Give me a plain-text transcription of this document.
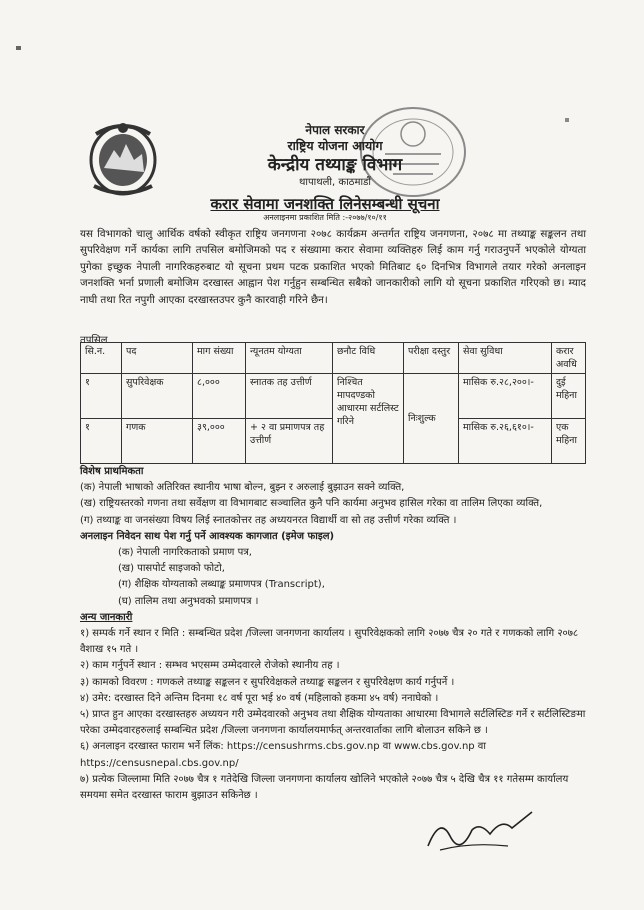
नेपाल सरकार
राष्ट्रिय योजना आयोग
केन्द्रीय तथ्याङ्क विभाग
थापाथली, काठमाडौं
करार सेवामा जनशक्ति लिनेसम्बन्धी सूचना
अनलाइनमा प्रकाशित मिति :-२०७७/१०/११
यस विभागको चालु आर्थिक वर्षको स्वीकृत राष्ट्रिय जनगणना २०७८ कार्यक्रम अन्तर्गत राष्ट्रिय जनगणना, २०७८ मा तथ्याङ्क सङ्कलन तथा सुपरिवेक्षण गर्ने कार्यका लागि तपसिल बमोजिमको पद र संख्यामा करार सेवामा व्यक्तिहरु लिई काम गर्नु गराउनुपर्ने भएकोले योग्यता पुगेका इच्छुक नेपाली नागरिकहरुबाट यो सूचना प्रथम पटक प्रकाशित भएको मितिबाट ६० दिनभित्र विभागले तयार गरेको अनलाइन जनशक्ति भर्ना प्रणाली बमोजिम दरखास्त आह्वान पेश गर्नुहुन सम्बन्धित सबैको जानकारीको लागि यो सूचना प्रकाशित गरिएको छ। म्याद नाघी तथा रित नपुगी आएका दरखास्तउपर कुनै कारवाही गरिने छैन।
तपसिल
सि.न.	पद	माग संख्या	न्यूनतम योग्यता	छनौट विधि	परीक्षा दस्तुर	सेवा सुविधा	करार अवधि
१	सुपरिवेक्षक	८,०००	स्नातक तह उत्तीर्ण	निश्चित मापदण्डको आधारमा सर्टलिस्ट गरिने	निःशुल्क	मासिक रु.२८,२००।-	दुई महिना
१	गणक	३९,०००	+ २ वा प्रमाणपत्र तह उत्तीर्ण			मासिक रु.२६,६१०।-	एक महिना
विशेष प्राथमिकता
(क) नेपाली भाषाको अतिरिक्त स्थानीय भाषा बोल्न, बुझ्न र अरुलाई बुझाउन सक्ने व्यक्ति,
(ख) राष्ट्रियस्तरको गणना तथा सर्वेक्षण वा विभागबाट सञ्चालित कुनै पनि कार्यमा अनुभव हासिल गरेका वा तालिम लिएका व्यक्ति,
(ग) तथ्याङ्क वा जनसंख्या विषय लिई स्नातकोत्तर तह अध्ययनरत विद्यार्थी वा सो तह उत्तीर्ण गरेका व्यक्ति ।
अनलाइन निवेदन साथ पेश गर्नु पर्ने आवश्यक कागजात (इमेज फाइल)
(क) नेपाली नागरिकताको प्रमाण पत्र,
(ख) पासपोर्ट साइजको फोटो,
(ग) शैक्षिक योग्यताको लब्धाङ्क प्रमाणपत्र (Transcript),
(घ) तालिम तथा अनुभवको प्रमाणपत्र ।
अन्य जानकारी
१) सम्पर्क गर्ने स्थान र मिति : सम्बन्धित प्रदेश /जिल्ला जनगणना कार्यालय । सुपरिवेक्षकको लागि २०७७ चैत्र २० गते र गणकको लागि २०७८ वैशाख १५ गते ।
२) काम गर्नुपर्ने स्थान : सम्भव भएसम्म उम्मेदवारले रोजेको स्थानीय तह ।
३) कामको विवरण : गणकले तथ्याङ्क सङ्कलन र सुपरिवेक्षकले तथ्याङ्क सङ्कलन र सुपरिवेक्षण कार्य गर्नुपर्ने ।
४) उमेर: दरखास्त दिने अन्तिम दिनमा १८ वर्ष पूरा भई ४० वर्ष (महिलाको हकमा ४५ वर्ष) ननाघेको ।
५) प्राप्त हुन आएका दरखास्तहरु अध्ययन गरी उम्मेदवारको अनुभव तथा शैक्षिक योग्यताका आधारमा विभागले सर्टलिस्टिङ गर्ने र सर्टलिस्टिङमा परेका उम्मेदवारहरुलाई सम्बन्धित प्रदेश /जिल्ला जनगणना कार्यालयमार्फत् अन्तरवार्ताका लागि बोलाउन सकिने छ ।
६) अनलाइन दरखास्त फाराम भर्ने लिंक: https://censushrms.cbs.gov.np वा www.cbs.gov.np वा https://censusnepal.cbs.gov.np/
७) प्रत्येक जिल्लामा मिति २०७७ चैत्र १ गतेदेखि जिल्ला जनगणना कार्यालय खोलिने भएकोले २०७७ चैत्र ५ देखि चैत्र ११ गतेसम्म कार्यालय समयमा समेत दरखास्त फाराम बुझाउन सकिनेछ ।
